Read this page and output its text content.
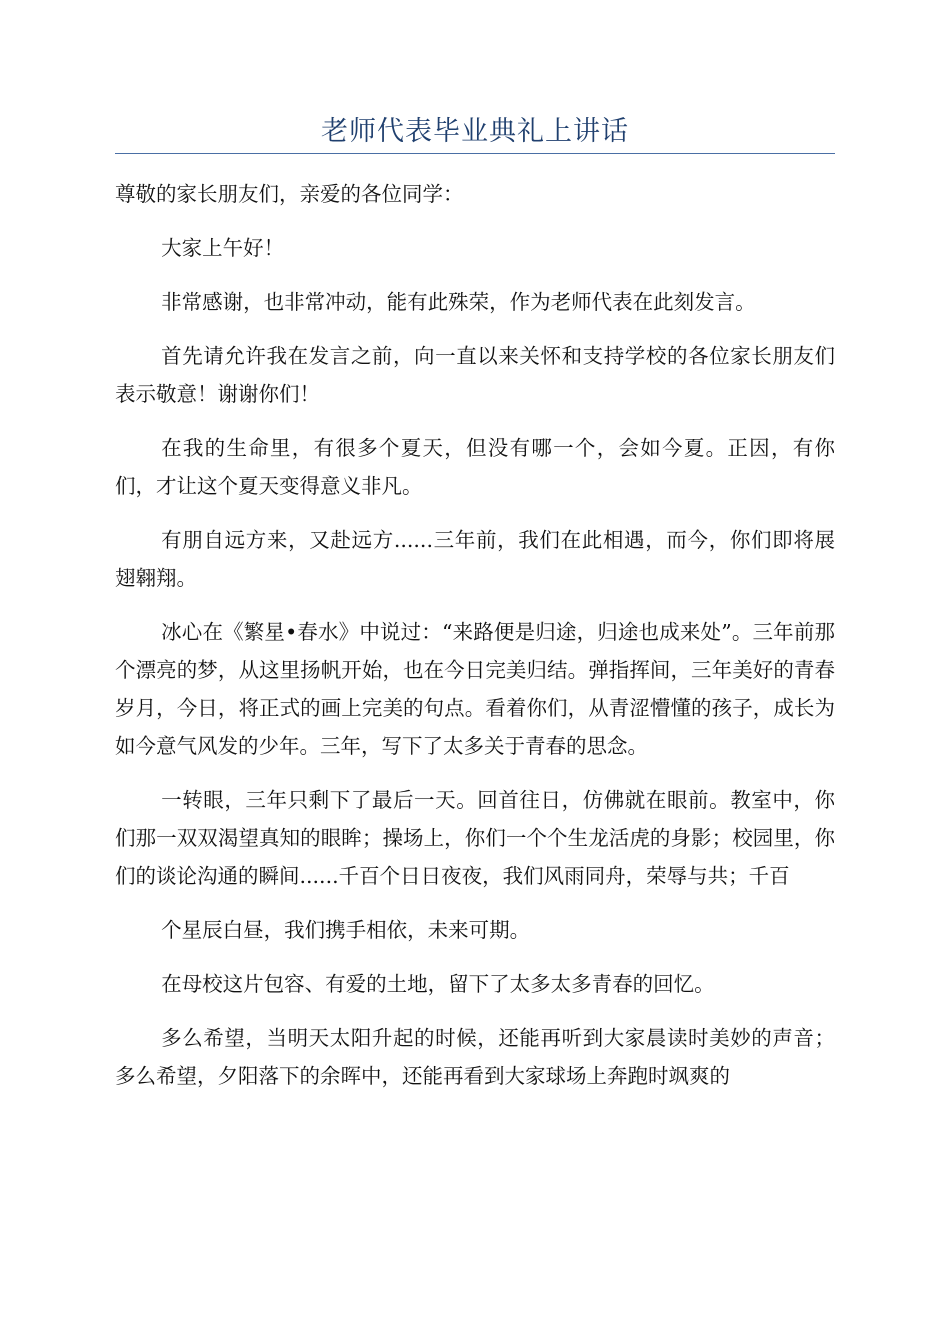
老师代表毕业典礼上讲话

尊敬的家长朋友们，亲爱的各位同学：

大家上午好！

非常感谢，也非常冲动，能有此殊荣，作为老师代表在此刻发言。

首先请允许我在发言之前，向一直以来关怀和支持学校的各位家长朋友们表示敬意！谢谢你们！

在我的生命里，有很多个夏天，但没有哪一个，会如今夏。正因，有你们，才让这个夏天变得意义非凡。

有朋自远方来，又赴远方......三年前，我们在此相遇，而今，你们即将展翅翱翔。

冰心在《繁星•春水》中说过：“来路便是归途，归途也成来处”。三年前那个漂亮的梦，从这里扬帆开始，也在今日完美归结。弹指挥间，三年美好的青春岁月，今日，将正式的画上完美的句点。看着你们，从青涩懵懂的孩子，成长为如今意气风发的少年。三年，写下了太多关于青春的思念。

一转眼，三年只剩下了最后一天。回首往日，仿佛就在眼前。教室中，你们那一双双渴望真知的眼眸；操场上，你们一个个生龙活虎的身影；校园里，你们的谈论沟通的瞬间......千百个日日夜夜，我们风雨同舟，荣辱与共；千百

个星辰白昼，我们携手相依，未来可期。

在母校这片包容、有爱的土地，留下了太多太多青春的回忆。

多么希望，当明天太阳升起的时候，还能再听到大家晨读时美妙的声音；多么希望，夕阳落下的余晖中，还能再看到大家球场上奔跑时飒爽的
